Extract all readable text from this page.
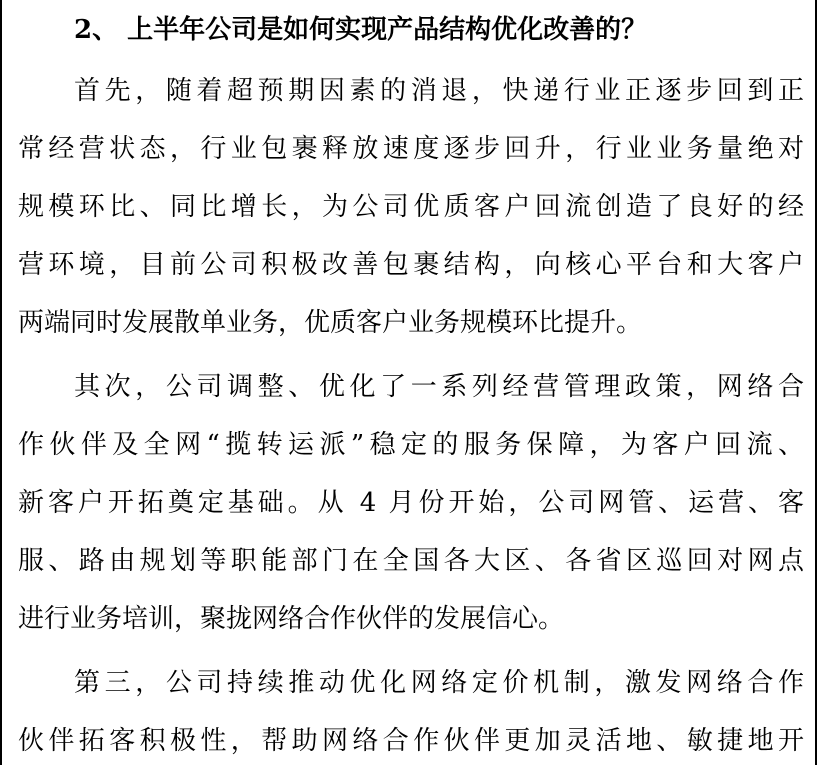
2、 上半年公司是如何实现产品结构优化改善的？
首先，随着超预期因素的消退，快递行业正逐步回到正
常经营状态，行业包裹释放速度逐步回升，行业业务量绝对
规模环比、同比增长，为公司优质客户回流创造了良好的经
营环境，目前公司积极改善包裹结构，向核心平台和大客户
两端同时发展散单业务，优质客户业务规模环比提升。
其次，公司调整、优化了一系列经营管理政策，网络合
作伙伴及全网“揽转运派”稳定的服务保障，为客户回流、
新客户开拓奠定基础。从 4 月份开始，公司网管、运营、客
服、路由规划等职能部门在全国各大区、各省区巡回对网点
进行业务培训，聚拢网络合作伙伴的发展信心。
第三，公司持续推动优化网络定价机制，激发网络合作
伙伴拓客积极性，帮助网络合作伙伴更加灵活地、敏捷地开
